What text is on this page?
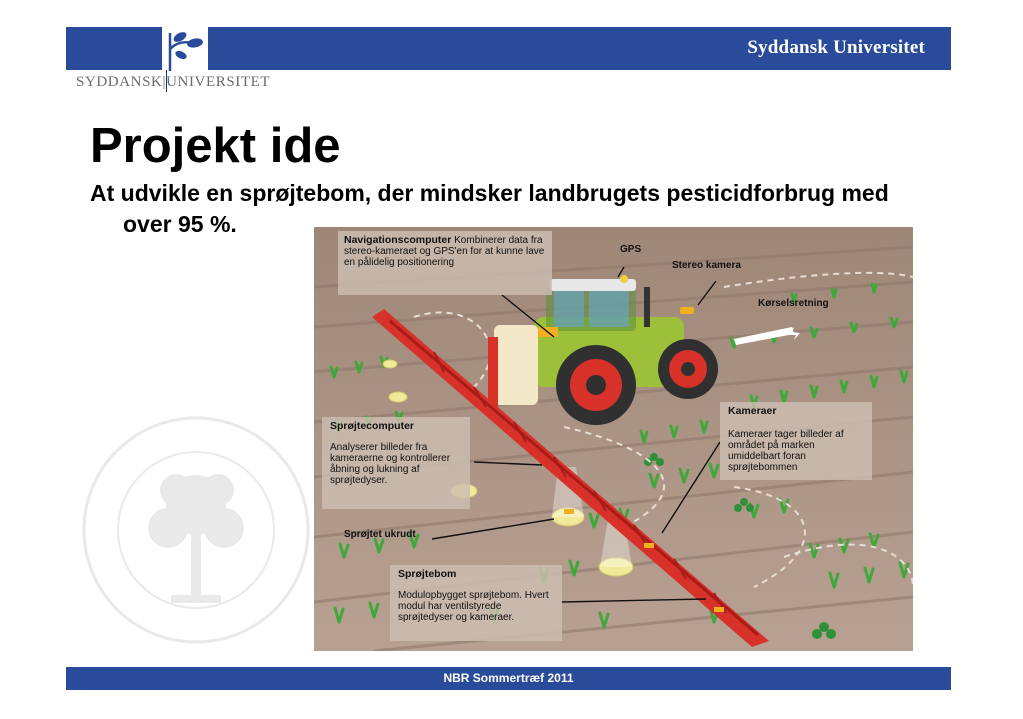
Syddansk Universitet
SYDDANSK|UNIVERSITET
Projekt ide

At udvikle en sprøjtebom, der mindsker landbrugets pesticidforbrug med over 95 %.

Navigationscomputer Kombinerer data fra stereo-kameraet og GPS'en for at kunne lave en pålidelig positionering
Sprøjtecomputer
Analyserer billeder fra kameraerne og kontrollerer åbning og lukning af sprøjtedyser.
Kameraer
Kameraer tager billeder af området på marken umiddelbart foran sprøjtebommen
Sprøjtebom
Modulopbygget sprøjtebom. Hvert modul har ventilstyrede sprøjtedyser og kameraer.
GPS
Stereo kamera
Kørselsretning
Sprøjtet ukrudt
NBR Sommertræf 2011
